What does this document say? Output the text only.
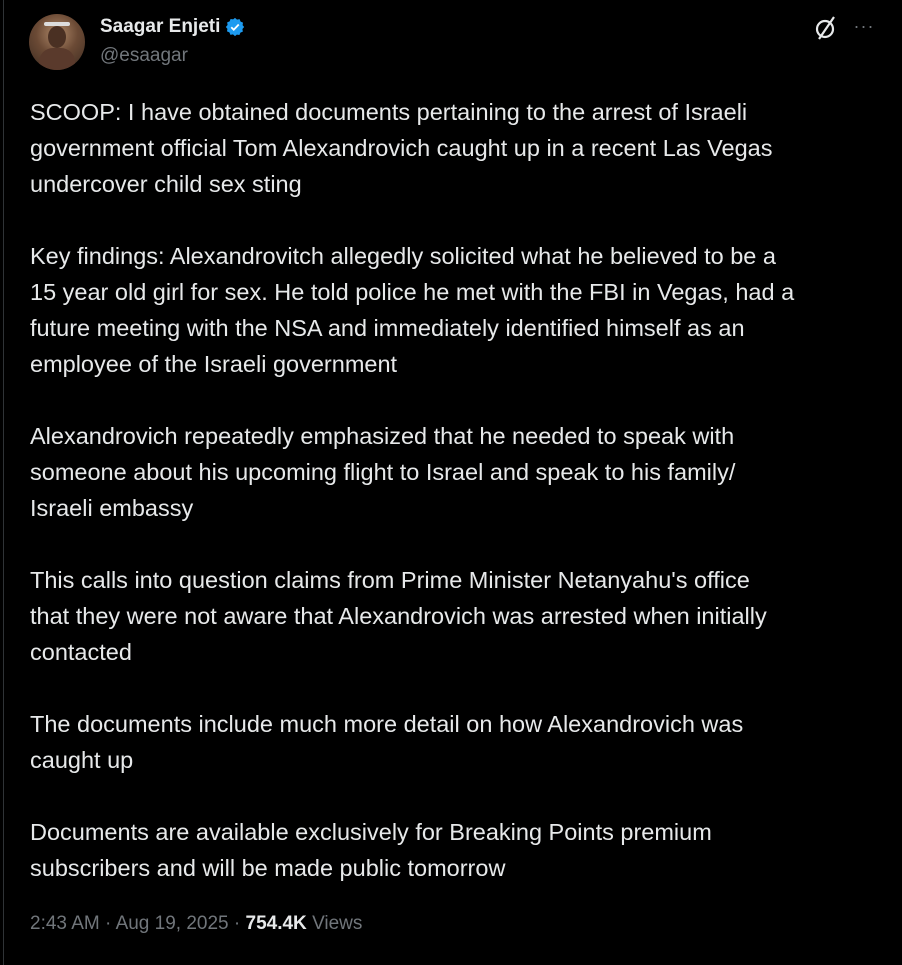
Saagar Enjeti
@esaagar
···
SCOOP: I have obtained documents pertaining to the arrest of Israeli
government official Tom Alexandrovich caught up in a recent Las Vegas
undercover child sex sting
Key findings: Alexandrovitch allegedly solicited what he believed to be a
15 year old girl for sex. He told police he met with the FBI in Vegas, had a
future meeting with the NSA and immediately identified himself as an
employee of the Israeli government
Alexandrovich repeatedly emphasized that he needed to speak with
someone about his upcoming flight to Israel and speak to his family/
Israeli embassy
This calls into question claims from Prime Minister Netanyahu's office
that they were not aware that Alexandrovich was arrested when initially
contacted
The documents include much more detail on how Alexandrovich was
caught up
Documents are available exclusively for Breaking Points premium
subscribers and will be made public tomorrow
2:43 AM · Aug 19, 2025 · 754.4K Views
